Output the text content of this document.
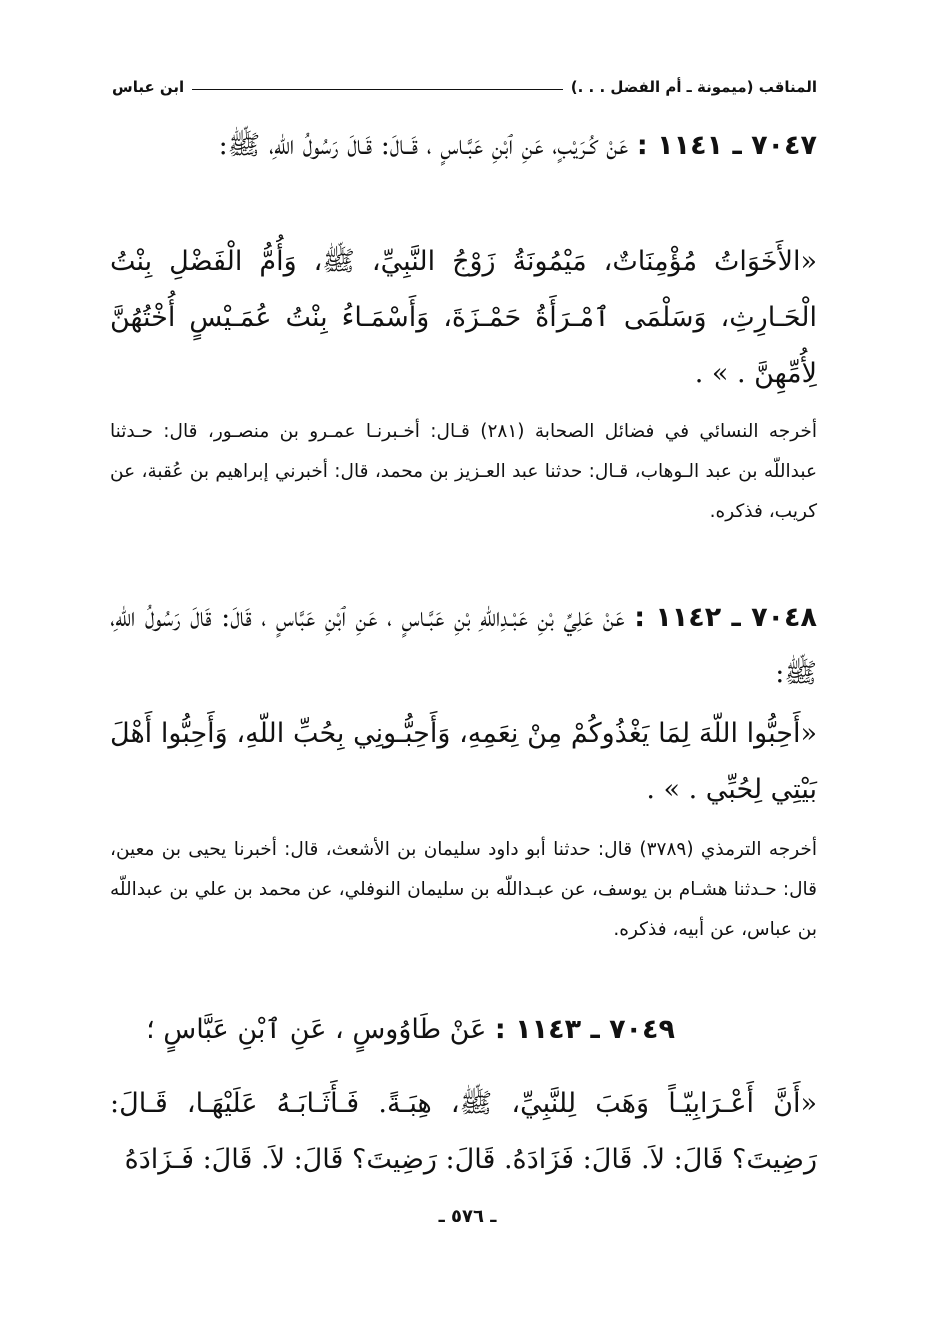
المناقب (ميمونة ـ أم الفضل . . .)
ابن عباس

٧٠٤٧ ـ ١١٤١ : عَنْ كُـرَيْبٍ، عَنِ ٱبْنِ عَبَّـاسٍ ، قَــالَ: قَـالَ رَسُولُ اللّهِ، ﷺ:

«الأَخَوَاتُ مُؤْمِنَاتٌ، مَيْمُونَةُ زَوْجُ النَّبِيِّ، ﷺ، وَأُمُّ الْفَضْلِ بِنْتُ الْحَـارِثِ، وَسَلْمَى ٱمْـرَأَةُ حَمْـزَةَ، وَأَسْمَـاءُ بِنْتُ عُمَـيْسٍ أُخْتُهُنَّ لِأُمِّهِنَّ . » .

أخرجه النسائي في فضائل الصحابة (٢٨١) قـال: أخـبرنـا عمـرو بن منصـور، قال: حـدثنا عبداللّه بن عبد الـوهاب، قـال: حدثنا عبد العـزيز بن محمد، قال: أخبرني إبراهيم بن عُقبة، عن كريب، فذكره.

٧٠٤٨ ـ ١١٤٢ : عَنْ عَلِيِّ بْنِ عَبْـدِاللّهِ بْنِ عَبَّـاسٍ ، عَنِ ٱبْنِ عَبَّاسٍ ، قَالَ: قَالَ رَسُولُ اللّهِ، ﷺ:

«أَحِبُّوا اللّهَ لِمَا يَغْذُوكُمْ مِنْ نِعَمِهِ، وَأَحِبُّـونِي بِحُبِّ اللّهِ، وَأَحِبُّوا أَهْلَ بَيْتِي لِحُبِّي . » .

أخرجه الترمذي (٣٧٨٩) قال: حدثنا أبو داود سليمان بن الأشعث، قال: أخبرنا يحيى بن معين، قال: حـدثنا هشـام بن يوسف، عن عبـداللّه بن سليمان النوفلي، عن محمد بن علي بن عبداللّه بن عباس، عن أبيه، فذكره.

٧٠٤٩ ـ ١١٤٣ : عَنْ طَاوُوسٍ ، عَنِ ٱبْنِ عَبَّاسٍ ؛

«أَنَّ أَعْـرَابِيّـاً وَهَبَ لِلنَّبِيِّ، ﷺ، هِبَـةً. فَـأَثَـابَـهُ عَلَيْهَـا، قَـالَ: رَضِيتَ؟ قَالَ: لاَ. قَالَ: فَزَادَهُ. قَالَ: رَضِيتَ؟ قَالَ: لاَ. قَالَ: فَـزَادَهُ

ـ ٥٧٦ ـ
